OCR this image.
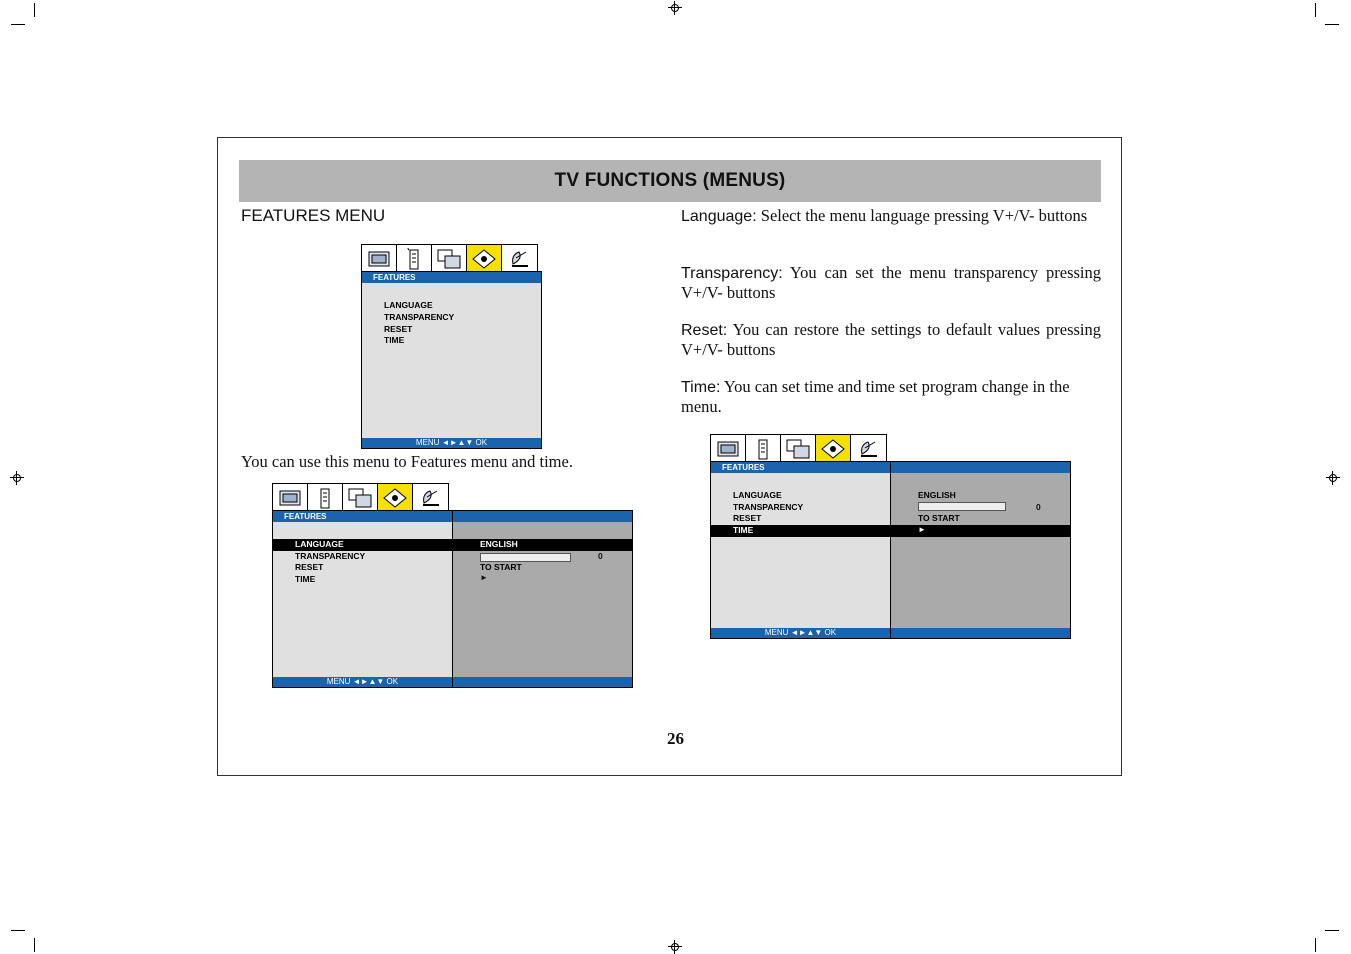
TV FUNCTIONS (MENUS)
FEATURES MENU
FEATURES
LANGUAGE
TRANSPARENCY
RESET
TIME
MENU ◄►▲▼ OK
You can use this menu to Features menu and time.
FEATURES
MENU ◄►▲▼ OK
LANGUAGE
TRANSPARENCY
RESET
TIME
ENGLISH
0
TO START
►
Language: Select the menu language pressing V+/V- buttons
Transparency: You can set the menu transparency pressing V+/V- buttons
Reset: You can restore the settings to default values pressing V+/V- buttons
Time: You can set time and time set program change in the menu.
FEATURES
MENU ◄►▲▼ OK
LANGUAGE
TRANSPARENCY
RESET
TIME
ENGLISH
0
TO START
►
26
